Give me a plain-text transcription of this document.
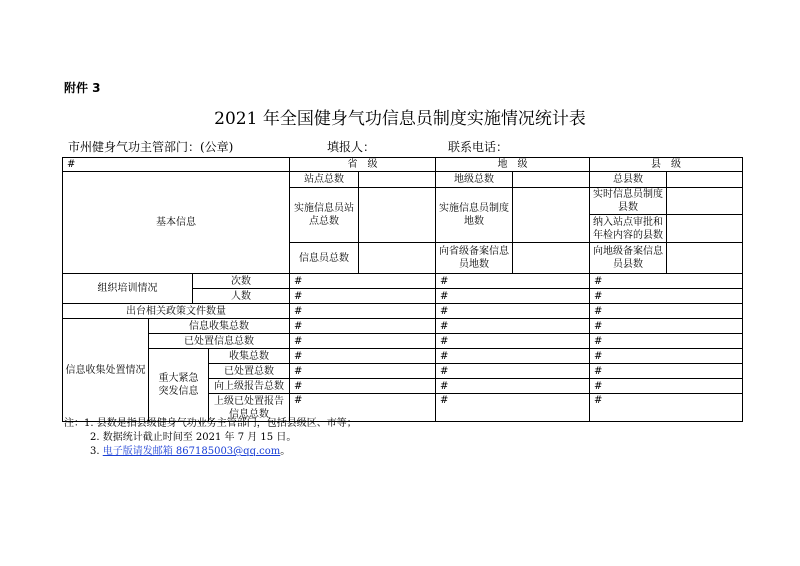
附件 3
2021 年全国健身气功信息员制度实施情况统计表
市州健身气功主管部门：(公章)	填报人：	联系电话：
#				省　级		地　级		县　级	
基本信息				站点总数		地级总数		总县数	
				实施信息员站点总数		实施信息员制度地数		实时信息员制度县数	
								纳入站点审批和年检内容的县数	
				信息员总数		向省级备案信息员地数		向地级备案信息员县数	
组织培训情况		次数		#		#		#	
		人数		#		#		#	
出台相关政策文件数量				#		#		#	
信息收集处置情况	信息收集总数			#		#		#	
	已处置信息总数			#		#		#	
	重大紧急突发信息		收集总数	#		#		#	
			已处置总数	#		#		#	
			向上级报告总数	#		#		#	
			上级已处置报告信息总数	#		#		#	

注：1. 县数是指县级健身气功业务主管部门，包括县级区、市等；
2. 数据统计截止时间至 2021 年 7 月 15 日。
3. 电子版请发邮箱 867185003@qq.com。
